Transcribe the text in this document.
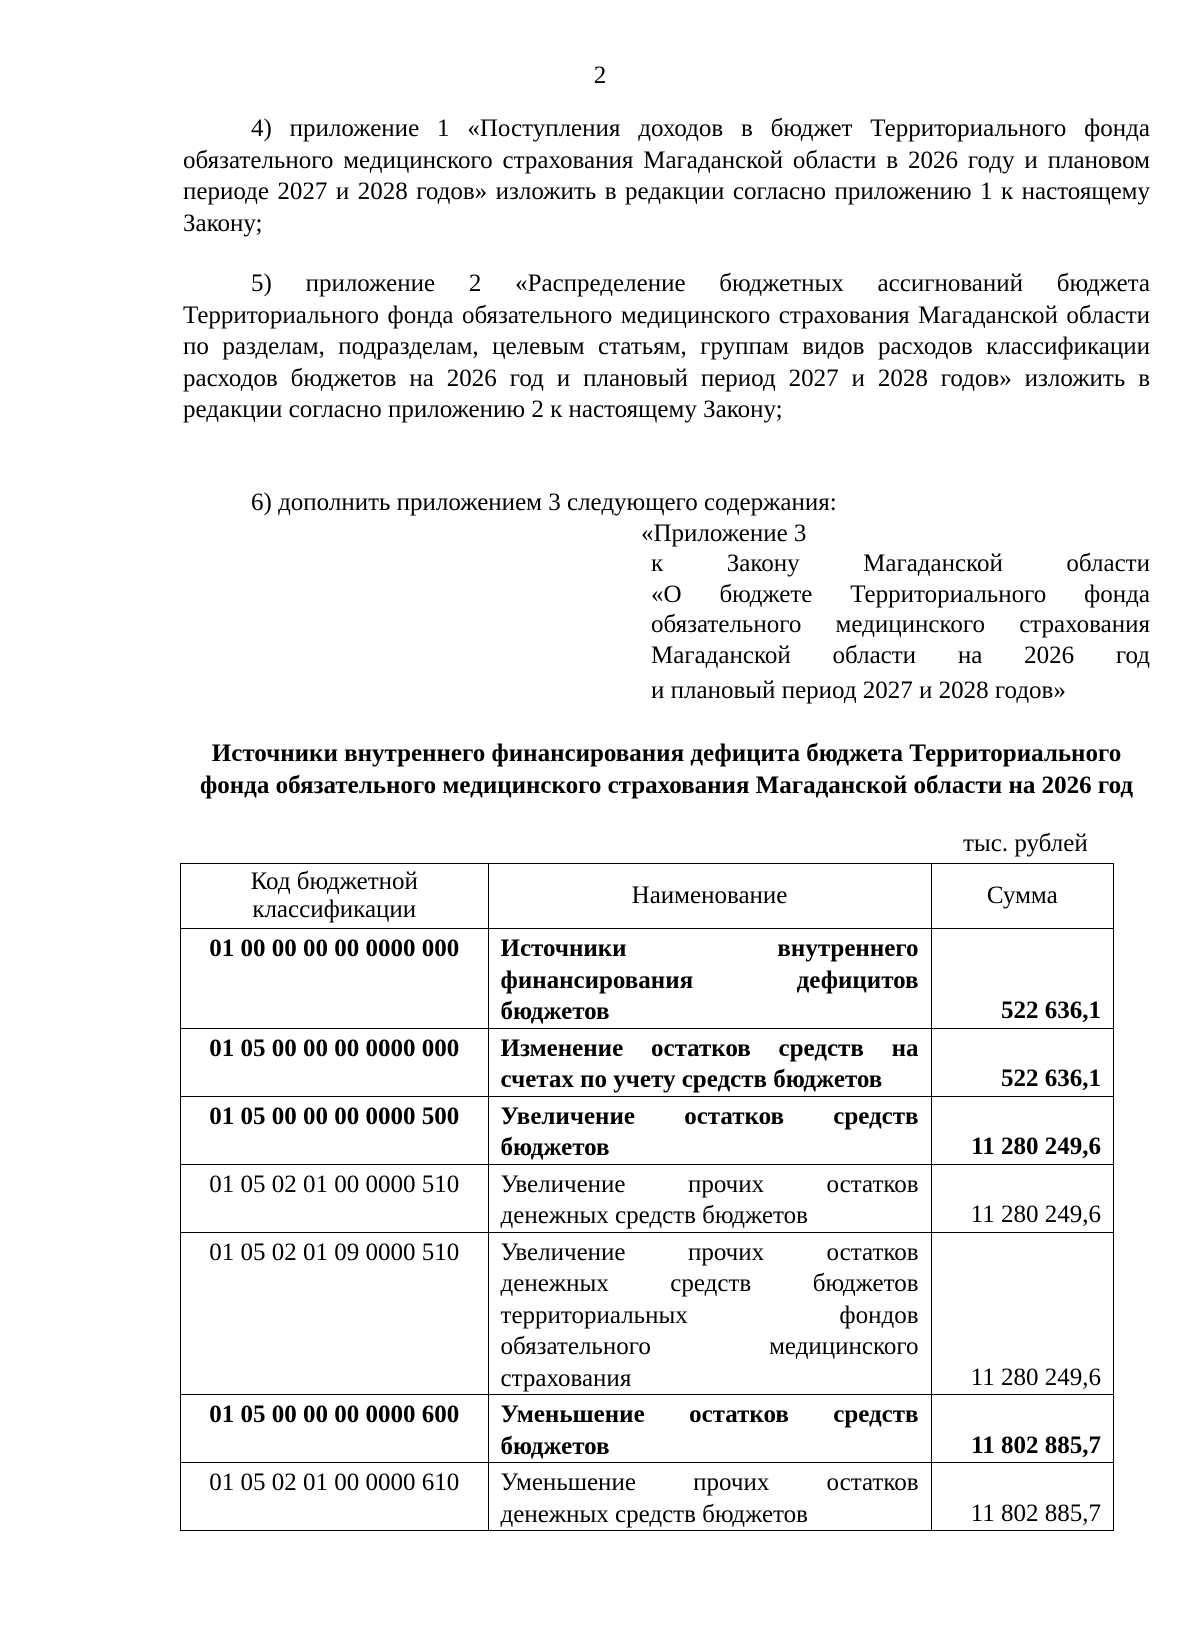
2
4) приложение 1 «Поступления доходов в бюджет Территориального фонда обязательного медицинского страхования Магаданской области в 2026 году и плановом периоде 2027 и 2028 годов» изложить в редакции согласно приложению 1 к настоящему Закону;
5) приложение 2 «Распределение бюджетных ассигнований бюджета Территориального фонда обязательного медицинского страхования Магаданской области по разделам, подразделам, целевым статьям, группам видов расходов классификации расходов бюджетов на 2026 год и плановый период 2027 и 2028 годов» изложить в редакции согласно приложению 2 к настоящему Закону;
6) дополнить приложением 3 следующего содержания:
«Приложение 3
к Закону Магаданской области
«О бюджете Территориального фонда
обязательного медицинского страхования
Магаданской области на 2026 год
и плановый период 2027 и 2028 годов»
Источники внутреннего финансирования дефицита бюджета Территориального фонда обязательного медицинского страхования Магаданской области на 2026 год
тыс. рублей
Код бюджетной классификации	Наименование	Сумма
01 00 00 00 00 0000 000	Источники внутреннего финансирования дефицитов бюджетов	522 636,1
01 05 00 00 00 0000 000	Изменение остатков средств на счетах по учету средств бюджетов	522 636,1
01 05 00 00 00 0000 500	Увеличение остатков средств бюджетов	11 280 249,6
01 05 02 01 00 0000 510	Увеличение прочих остатков денежных средств бюджетов	11 280 249,6
01 05 02 01 09 0000 510	Увеличение прочих остатков денежных средств бюджетов территориальных фондов обязательного медицинского страхования	11 280 249,6
01 05 00 00 00 0000 600	Уменьшение остатков средств бюджетов	11 802 885,7
01 05 02 01 00 0000 610	Уменьшение прочих остатков денежных средств бюджетов	11 802 885,7
